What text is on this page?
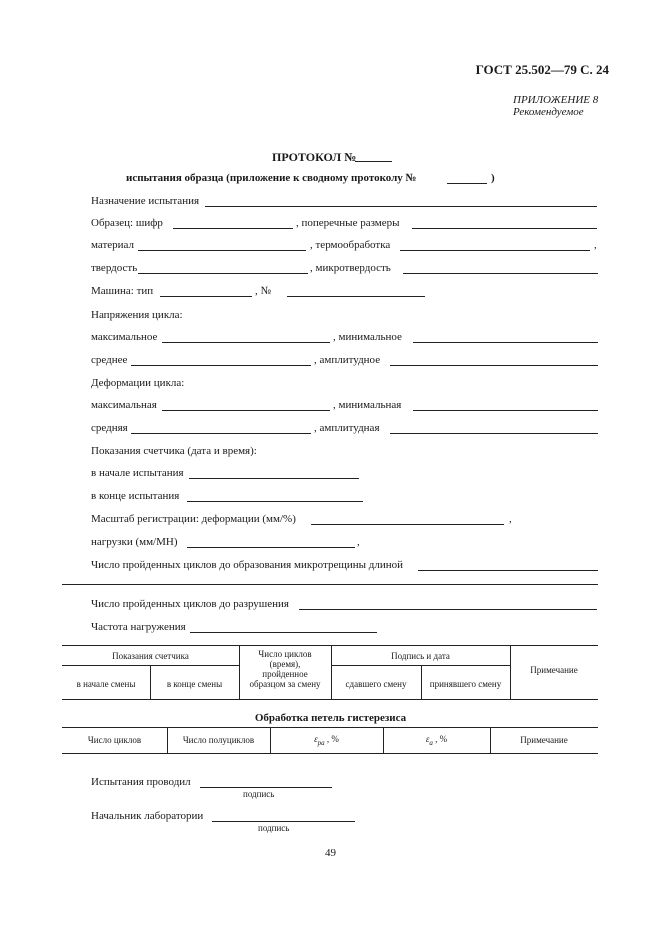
ГОСТ 25.502—79 С. 24
ПРИЛОЖЕНИЕ 8
Рекомендуемое
ПРОТОКОЛ №
испытания образца (приложение к сводному протоколу №	)
Назначение испытания
Образец: шифр	, поперечные размеры
материал	, термообработка	,
твердость	, микротвердость
Машина: тип	, №
Напряжения цикла:
максимальное	, минимальное
среднее	, амплитудное
Деформации цикла:
максимальная	, минимальная
средняя	, амплитудная
Показания счетчика (дата и время):
в начале испытания
в конце испытания
Масштаб регистрации: деформации (мм/%)	,
нагрузки (мм/МН)	,
Число пройденных циклов до образования микротрещины длиной
Число пройденных циклов до разрушения
Частота нагружения
Показания счетчика
в начале смены	в конце смены
Число циклов
(время),
пройденное
образцом за смену
Подпись и дата
сдавшего смену	принявшего смену
Примечание
Обработка петель гистерезиса
Число циклов	Число полуциклов	$\varepsilon_{pa}$ , %	$\varepsilon_a$ , %	Примечание
Испытания проводил
подпись
Начальник лаборатории
подпись
49
